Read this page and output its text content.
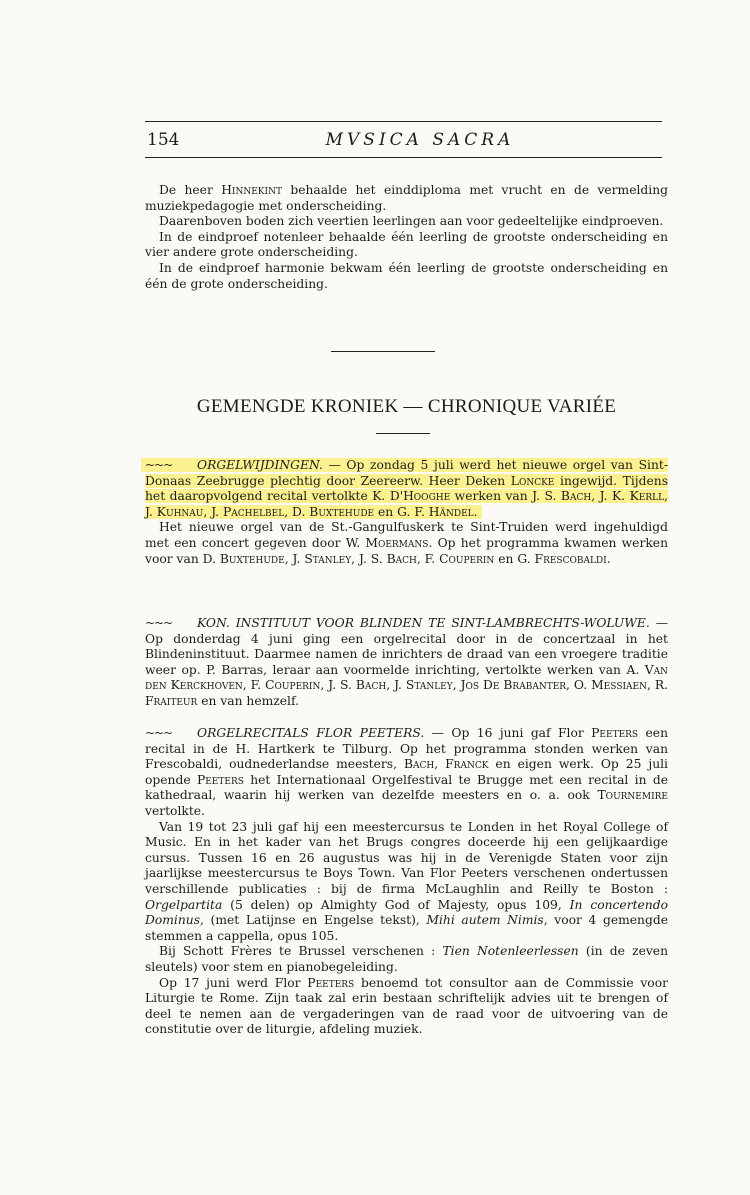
154	MVSICA SACRA

De heer Hinnekint behaalde het einddiploma met vrucht en de vermelding muziekpedagogie met onderscheiding.

Daarenboven boden zich veertien leerlingen aan voor gedeeltelijke eindproeven.

In de eindproef notenleer behaalde één leerling de grootste onderscheiding en vier andere grote onderscheiding.

In de eindproef harmonie bekwam één leerling de grootste onderscheiding en één de grote onderscheiding.

GEMENGDE KRONIEK — CHRONIQUE VARIÉE

~~~ ORGELWIJDINGEN. — Op zondag 5 juli werd het nieuwe orgel van Sint-Donaas Zeebrugge plechtig door Zeereerw. Heer Deken Loncke ingewijd. Tijdens het daaropvolgend recital vertolkte K. D'Hooghe werken van J. S. Bach, J. K. Kerll, J. Kuhnau, J. Pachelbel, D. Buxtehude en G. F. Händel.

Het nieuwe orgel van de St.-Gangulfuskerk te Sint-Truiden werd ingehuldigd met een concert gegeven door W. Moermans. Op het programma kwamen werken voor van D. Buxtehude, J. Stanley, J. S. Bach, F. Couperin en G. Frescobaldi.

~~~ KON. INSTITUUT VOOR BLINDEN TE SINT-LAMBRECHTS-WOLUWE. — Op donderdag 4 juni ging een orgelrecital door in de concertzaal in het Blindeninstituut. Daarmee namen de inrichters de draad van een vroegere traditie weer op. P. Barras, leraar aan voormelde inrichting, vertolkte werken van A. Van den Kerckhoven, F. Couperin, J. S. Bach, J. Stanley, Jos De Brabanter, O. Messiaen, R. Fraiteur en van hemzelf.

~~~ ORGELRECITALS FLOR PEETERS. — Op 16 juni gaf Flor Peeters een recital in de H. Hartkerk te Tilburg. Op het programma stonden werken van Frescobaldi, oudnederlandse meesters, Bach, Franck en eigen werk. Op 25 juli opende Peeters het Internationaal Orgelfestival te Brugge met een recital in de kathedraal, waarin hij werken van dezelfde meesters en o. a. ook Tournemire vertolkte.

Van 19 tot 23 juli gaf hij een meestercursus te Londen in het Royal College of Music. En in het kader van het Brugs congres doceerde hij een gelijkaardige cursus. Tussen 16 en 26 augustus was hij in de Verenigde Staten voor zijn jaarlijkse meestercursus te Boys Town. Van Flor Peeters verschenen ondertussen verschillende publicaties : bij de firma McLaughlin and Reilly te Boston : Orgelpartita (5 delen) op Almighty God of Majesty, opus 109, In concertendo Dominus, (met Latijnse en Engelse tekst), Mihi autem Nimis, voor 4 gemengde stemmen a cappella, opus 105.

Bij Schott Frères te Brussel verschenen : Tien Notenleerlessen (in de zeven sleutels) voor stem en pianobegeleiding.

Op 17 juni werd Flor Peeters benoemd tot consultor aan de Commissie voor Liturgie te Rome. Zijn taak zal erin bestaan schriftelijk advies uit te brengen of deel te nemen aan de vergaderingen van de raad voor de uitvoering van de constitutie over de liturgie, afdeling muziek.
